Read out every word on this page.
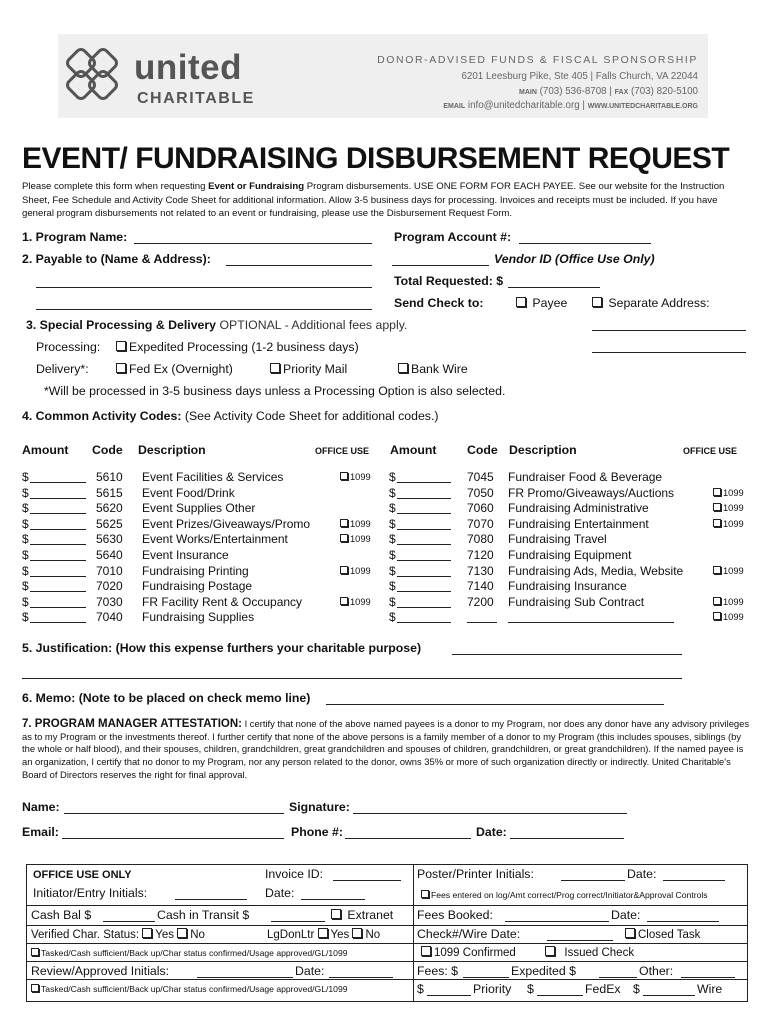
united
CHARITABLE
DONOR-ADVISED FUNDS & FISCAL SPONSORSHIP
6201 Leesburg Pike, Ste 405 | Falls Church, VA 22044
MAIN (703) 536-8708 | FAX (703) 820-5100
EMAIL info@unitedcharitable.org | WWW.UNITEDCHARITABLE.ORG
EVENT/ FUNDRAISING DISBURSEMENT REQUEST
Please complete this form when requesting Event or Fundraising Program disbursements. USE ONE FORM FOR EACH PAYEE. See our website for the Instruction Sheet, Fee Schedule and Activity Code Sheet for additional information. Allow 3-5 business days for processing. Invoices and receipts must be included. If you have general program disbursements not related to an event or fundraising, please use the Disbursement Request Form.
1. Program Name:	Program Account #:
2. Payable to (Name & Address):	Vendor ID (Office Use Only)
Total Requested: $
Send Check to:	Payee	Separate Address:
3. Special Processing & Delivery OPTIONAL - Additional fees apply.
Processing:	Expedited Processing (1-2 business days)
Delivery*:	Fed Ex (Overnight)	Priority Mail	Bank Wire
*Will be processed in 3-5 business days unless a Processing Option is also selected.
4. Common Activity Codes: (See Activity Code Sheet for additional codes.)
Amount Code Description	OFFICE USE Amount Code Description	OFFICE USE
$	5610 Event Facilities & Services	1099
$	5615 Event Food/Drink
$	5620 Event Supplies Other
$	5625 Event Prizes/Giveaways/Promo	1099
$	5630 Event Works/Entertainment	1099
$	5640 Event Insurance
$	7010 Fundraising Printing	1099
$	7020 Fundraising Postage
$	7030 FR Facility Rent & Occupancy	1099
$	7040 Fundraising Supplies
$	7045 Fundraiser Food & Beverage
$	7050 FR Promo/Giveaways/Auctions	1099
$	7060 Fundraising Administrative	1099
$	7070 Fundraising Entertainment	1099
$	7080 Fundraising Travel
$	7120 Fundraising Equipment
$	7130 Fundraising Ads, Media, Website	1099
$	7140 Fundraising Insurance
$	7200 Fundraising Sub Contract	1099
$	1099
5. Justification: (How this expense furthers your charitable purpose)
6. Memo: (Note to be placed on check memo line)
7. PROGRAM MANAGER ATTESTATION: I certify that none of the above named payees is a donor to my Program, nor does any donor have any advisory privileges as to my Program or the investments thereof. I further certify that none of the above persons is a family member of a donor to my Program (this includes spouses, siblings (by the whole or half blood), and their spouses, children, grandchildren, great grandchildren and spouses of children, grandchildren, or great grandchildren). If the named payee is an organization, I certify that no donor to my Program, nor any person related to the donor, owns 35% or more of such organization directly or indirectly. United Charitable's Board of Directors reserves the right for final approval.
Name:	Signature:
Email:	Phone #:	Date:
OFFICE USE ONLY	Invoice ID:
Initiator/Entry Initials:	Date:
Cash Bal $	Cash in Transit $	Extranet
Verified Char. Status: Yes No	LgDonLtr Yes No
Tasked/Cash sufficient/Back up/Char status confirmed/Usage approved/GL/1099
Review/Approved Initials:	Date:
Tasked/Cash sufficient/Back up/Char status confirmed/Usage approved/GL/1099
Poster/Printer Initials:	Date:
Fees entered on log/Amt correct/Prog correct/Initiator&Approval Controls
Fees Booked:	Date:
Check#/Wire Date:	Closed Task
1099 Confirmed	Issued Check
Fees: $	Expedited $	Other:
$	Priority $	FedEx $	Wire
